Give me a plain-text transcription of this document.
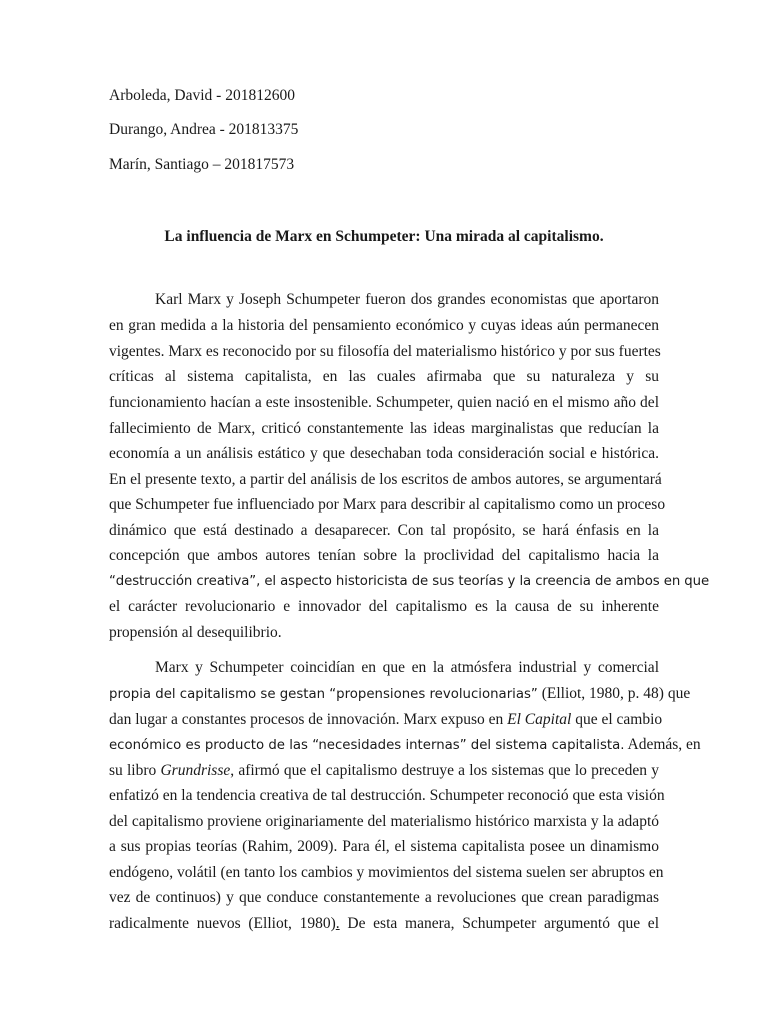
Arboleda, David - 201812600
Durango, Andrea - 201813375
Marín, Santiago – 201817573
La influencia de Marx en Schumpeter: Una mirada al capitalismo.
Karl Marx y Joseph Schumpeter fueron dos grandes economistas que aportaron
en gran medida a la historia del pensamiento económico y cuyas ideas aún permanecen
vigentes. Marx es reconocido por su filosofía del materialismo histórico y por sus fuertes
críticas al sistema capitalista, en las cuales afirmaba que su naturaleza y su
funcionamiento hacían a este insostenible. Schumpeter, quien nació en el mismo año del
fallecimiento de Marx, criticó constantemente las ideas marginalistas que reducían la
economía a un análisis estático y que desechaban toda consideración social e histórica.
En el presente texto, a partir del análisis de los escritos de ambos autores, se argumentará
que Schumpeter fue influenciado por Marx para describir al capitalismo como un proceso
dinámico que está destinado a desaparecer. Con tal propósito, se hará énfasis en la
concepción que ambos autores tenían sobre la proclividad del capitalismo hacia la
“destrucción creativa”, el aspecto historicista de sus teorías y la creencia de ambos en que
el carácter revolucionario e innovador del capitalismo es la causa de su inherente
propensión al desequilibrio.
Marx y Schumpeter coincidían en que en la atmósfera industrial y comercial
propia del capitalismo se gestan “propensiones revolucionarias” (Elliot, 1980, p. 48) que
dan lugar a constantes procesos de innovación. Marx expuso en El Capital que el cambio
económico es producto de las “necesidades internas” del sistema capitalista. Además, en
su libro Grundrisse, afirmó que el capitalismo destruye a los sistemas que lo preceden y
enfatizó en la tendencia creativa de tal destrucción. Schumpeter reconoció que esta visión
del capitalismo proviene originariamente del materialismo histórico marxista y la adaptó
a sus propias teorías (Rahim, 2009). Para él, el sistema capitalista posee un dinamismo
endógeno, volátil (en tanto los cambios y movimientos del sistema suelen ser abruptos en
vez de continuos) y que conduce constantemente a revoluciones que crean paradigmas
radicalmente nuevos (Elliot, 1980). De esta manera, Schumpeter argumentó que el
